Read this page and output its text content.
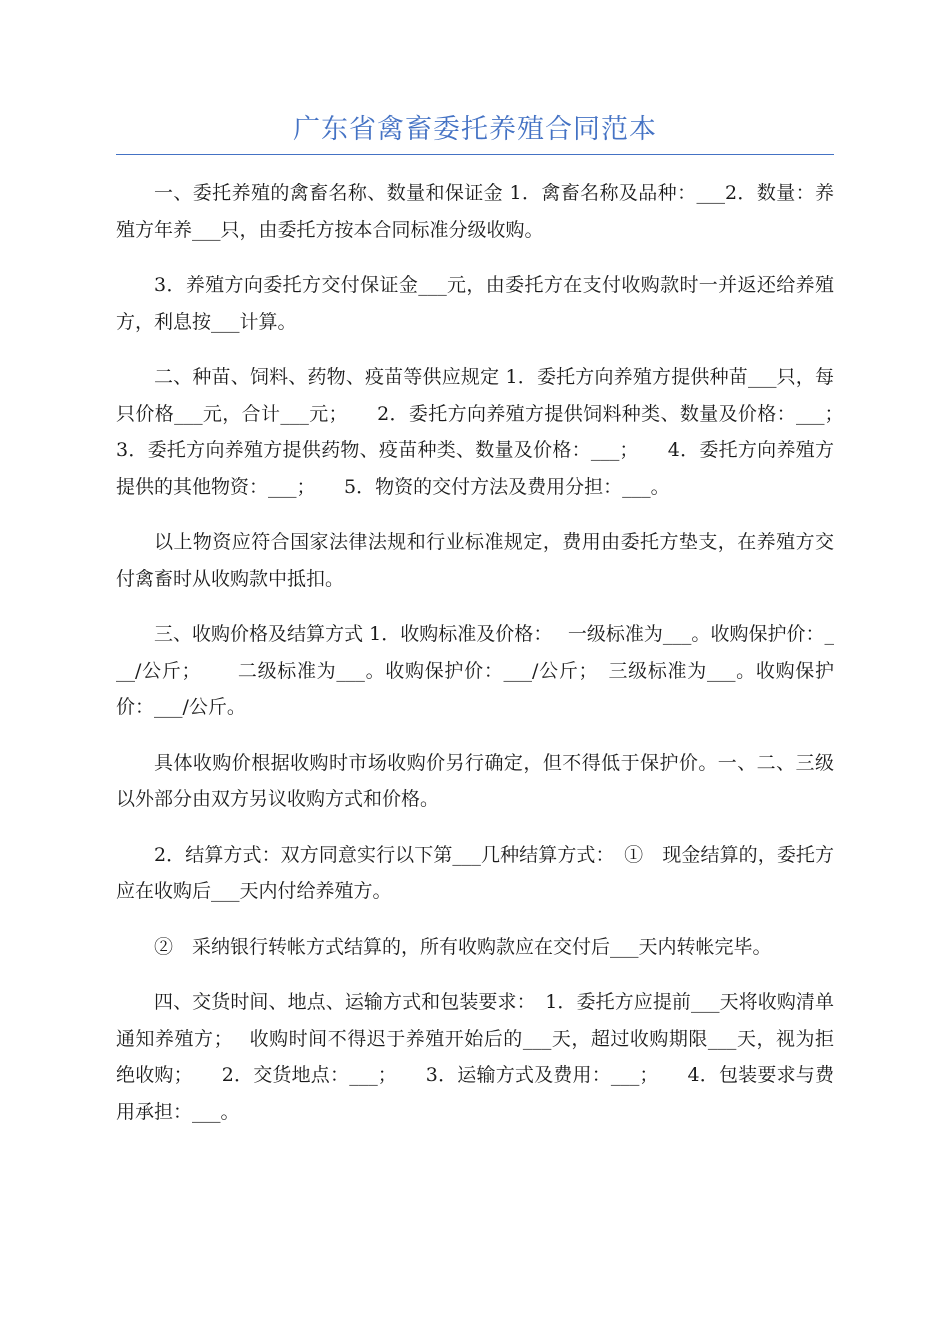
广东省禽畜委托养殖合同范本

一、委托养殖的禽畜名称、数量和保证金 1．禽畜名称及品种：___2．数量：养殖方年养___只，由委托方按本合同标准分级收购。

3．养殖方向委托方交付保证金___元，由委托方在支付收购款时一并返还给养殖方，利息按___计算。

二、种苗、饲料、药物、疫苗等供应规定 1．委托方向养殖方提供种苗___只，每只价格___元，合计___元；　　2．委托方向养殖方提供饲料种类、数量及价格：___；　　3．委托方向养殖方提供药物、疫苗种类、数量及价格：___；　　4．委托方向养殖方提供的其他物资：___；　　5．物资的交付方法及费用分担：___。

以上物资应符合国家法律法规和行业标准规定，费用由委托方垫支，在养殖方交付禽畜时从收购款中抵扣。

三、收购价格及结算方式 1．收购标准及价格：　 一级标准为___。收购保护价：___/公斤；　　 二级标准为___。收购保护价：___/公斤；　三级标准为___。收购保护价：___/公斤。

具体收购价根据收购时市场收购价另行确定，但不得低于保护价。一、二、三级以外部分由双方另议收购方式和价格。

2．结算方式：双方同意实行以下第___几种结算方式：　①　现金结算的，委托方应在收购后___天内付给养殖方。

②　采纳银行转帐方式结算的，所有收购款应在交付后___天内转帐完毕。

四、交货时间、地点、运输方式和包装要求：　1．委托方应提前___天将收购清单通知养殖方；　 收购时间不得迟于养殖开始后的___天，超过收购期限___天，视为拒绝收购；　　2．交货地点：___；　　3．运输方式及费用：___；　　4．包装要求与费用承担：___。
